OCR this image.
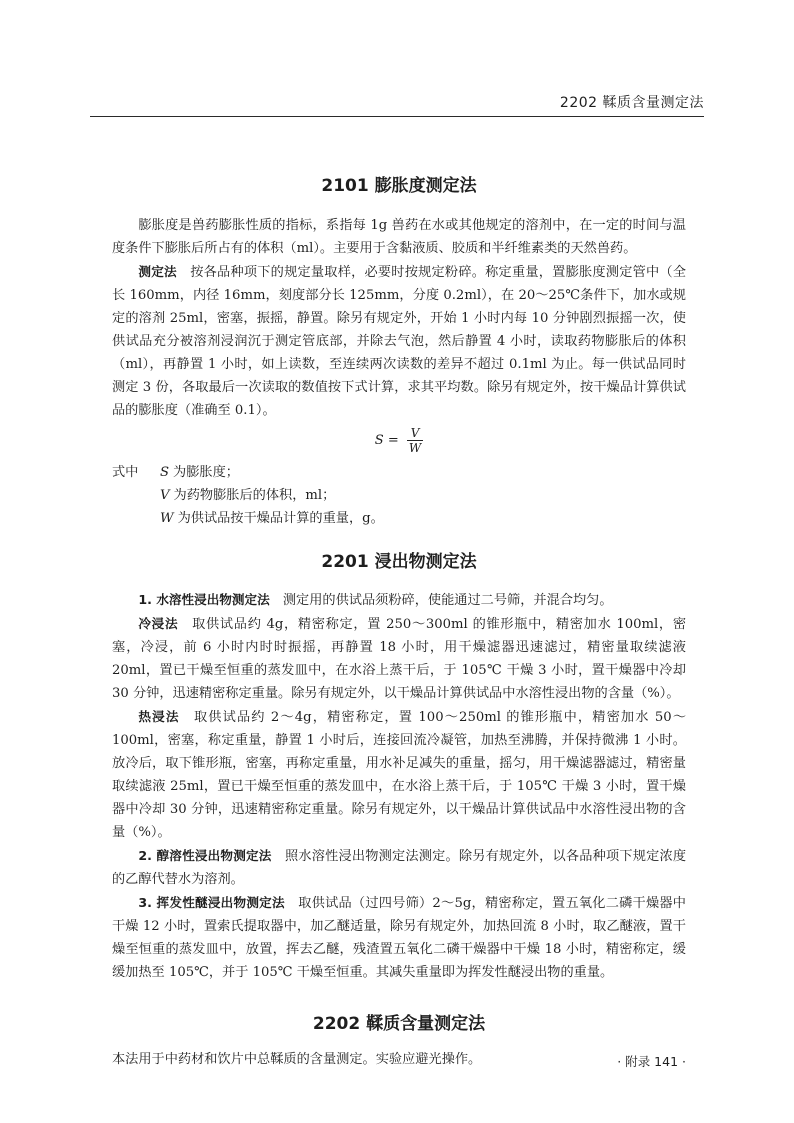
2202 鞣质含量测定法
2101 膨胀度测定法

膨胀度是兽药膨胀性质的指标，系指每 1g 兽药在水或其他规定的溶剂中，在一定的时间与温度条件下膨胀后所占有的体积（ml）。主要用于含黏液质、胶质和半纤维素类的天然兽药。

测定法　 按各品种项下的规定量取样，必要时按规定粉碎。称定重量，置膨胀度测定管中（全长 160mm，内径 16mm，刻度部分长 125mm，分度 0.2ml），在 20～25℃条件下，加水或规定的溶剂 25ml，密塞，振摇，静置。除另有规定外，开始 1 小时内每 10 分钟剧烈振摇一次，使供试品充分被溶剂浸润沉于测定管底部，并除去气泡，然后静置 4 小时，读取药物膨胀后的体积（ml），再静置 1 小时，如上读数，至连续两次读数的差异不超过 0.1ml 为止。每一供试品同时测定 3 份，各取最后一次读取的数值按下式计算，求其平均数。除另有规定外，按干燥品计算供试品的膨胀度（准确至 0.1）。

$S = \frac{V}{W}$
式中	S 为膨胀度；
V 为药物膨胀后的体积，ml；
W 为供试品按干燥品计算的重量，g。
2201 浸出物测定法

1. 水溶性浸出物测定法　 测定用的供试品须粉碎，使能通过二号筛，并混合均匀。

冷浸法　 取供试品约 4g，精密称定，置 250～300ml 的锥形瓶中，精密加水 100ml，密塞，冷浸，前 6 小时内时时振摇，再静置 18 小时，用干燥滤器迅速滤过，精密量取续滤液 20ml，置已干燥至恒重的蒸发皿中，在水浴上蒸干后，于 105℃ 干燥 3 小时，置干燥器中冷却 30 分钟，迅速精密称定重量。除另有规定外，以干燥品计算供试品中水溶性浸出物的含量（%）。

热浸法　 取供试品约 2～4g，精密称定，置 100～250ml 的锥形瓶中，精密加水 50～100ml，密塞，称定重量，静置 1 小时后，连接回流冷凝管，加热至沸腾，并保持微沸 1 小时。放冷后，取下锥形瓶，密塞，再称定重量，用水补足减失的重量，摇匀，用干燥滤器滤过，精密量取续滤液 25ml，置已干燥至恒重的蒸发皿中，在水浴上蒸干后，于 105℃ 干燥 3 小时，置干燥器中冷却 30 分钟，迅速精密称定重量。除另有规定外，以干燥品计算供试品中水溶性浸出物的含量（%）。

2. 醇溶性浸出物测定法　 照水溶性浸出物测定法测定。除另有规定外，以各品种项下规定浓度的乙醇代替水为溶剂。

3. 挥发性醚浸出物测定法　 取供试品（过四号筛）2～5g，精密称定，置五氧化二磷干燥器中干燥 12 小时，置索氏提取器中，加乙醚适量，除另有规定外，加热回流 8 小时，取乙醚液，置干燥至恒重的蒸发皿中，放置，挥去乙醚，残渣置五氧化二磷干燥器中干燥 18 小时，精密称定，缓缓加热至 105℃，并于 105℃ 干燥至恒重。其减失重量即为挥发性醚浸出物的重量。

2202 鞣质含量测定法

本法用于中药材和饮片中总鞣质的含量测定。实验应避光操作。	· 附录 141 ·
